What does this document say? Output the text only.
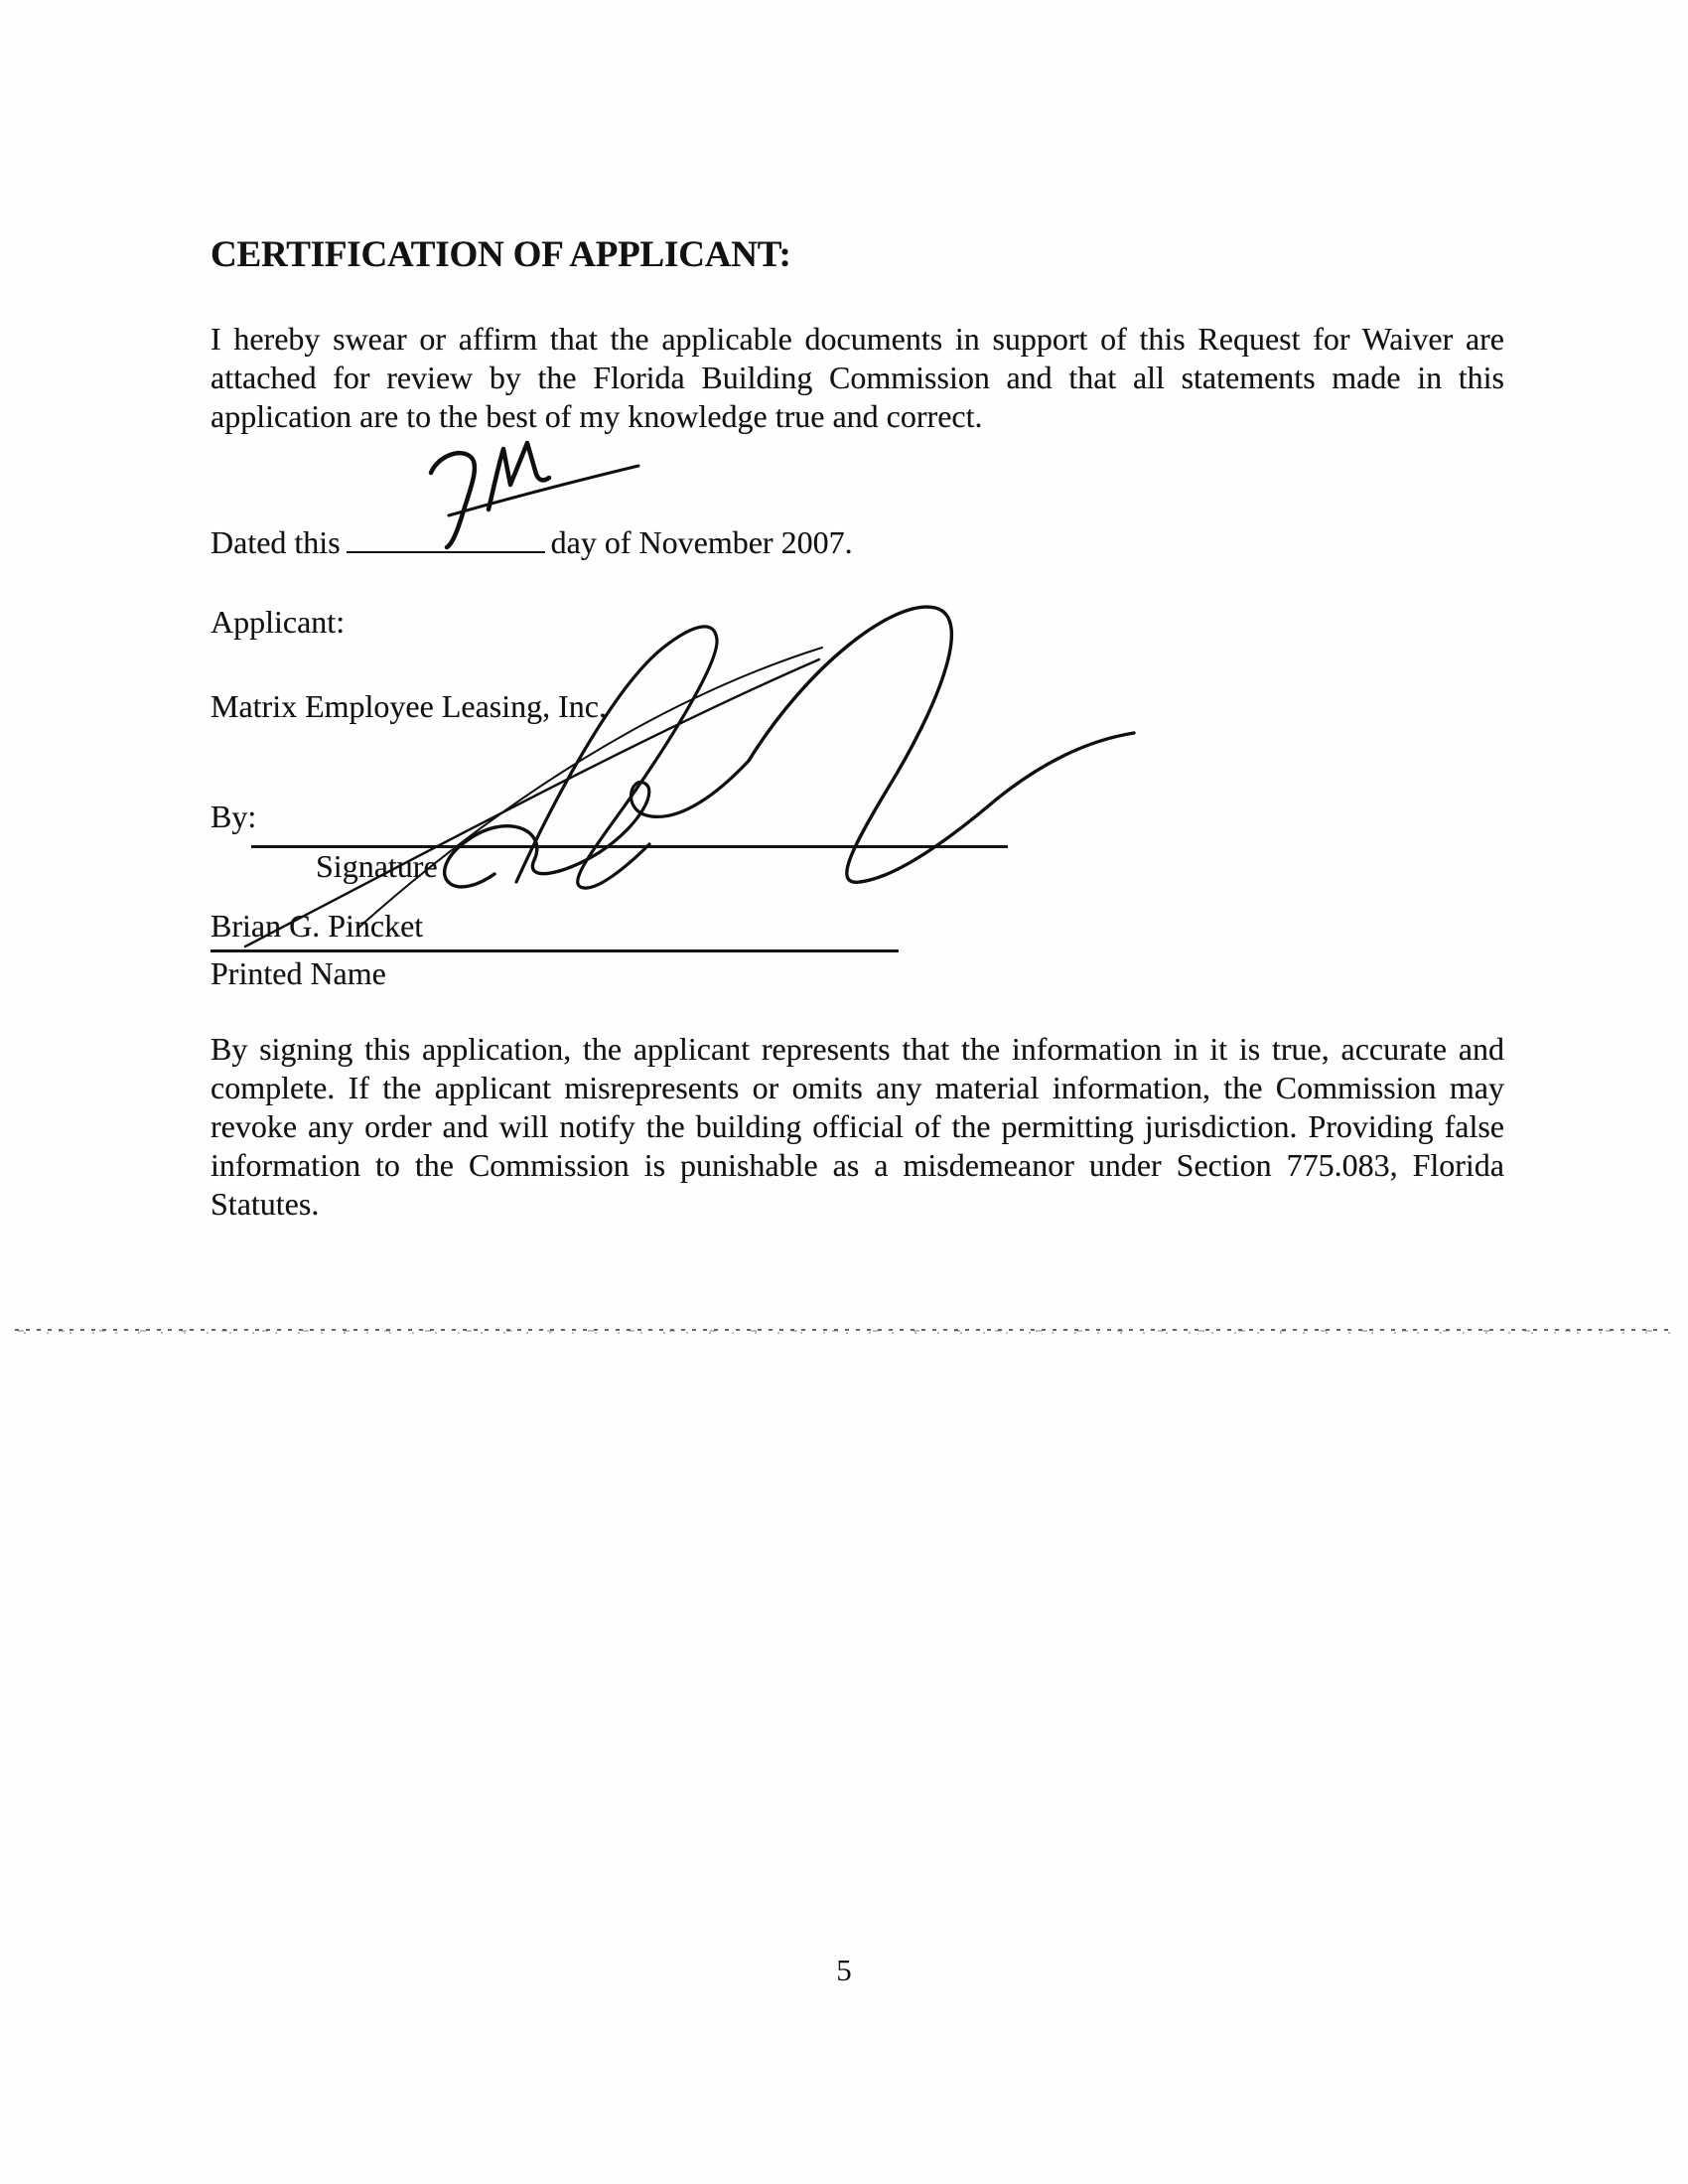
CERTIFICATION OF APPLICANT:
I hereby swear or affirm that the applicable documents in support of this Request for Waiver are attached for review by the Florida Building Commission and that all statements made in this application are to the best of my knowledge true and correct.
Dated this	day of November 2007.
Applicant:
Matrix Employee Leasing, Inc.
By:
Signature
Brian G. Pincket
Printed Name
By signing this application, the applicant represents that the information in it is true, accurate and complete. If the applicant misrepresents or omits any material information, the Commission may revoke any order and will notify the building official of the permitting jurisdiction. Providing false information to the Commission is punishable as a misdemeanor under Section 775.083, Florida Statutes.
5
